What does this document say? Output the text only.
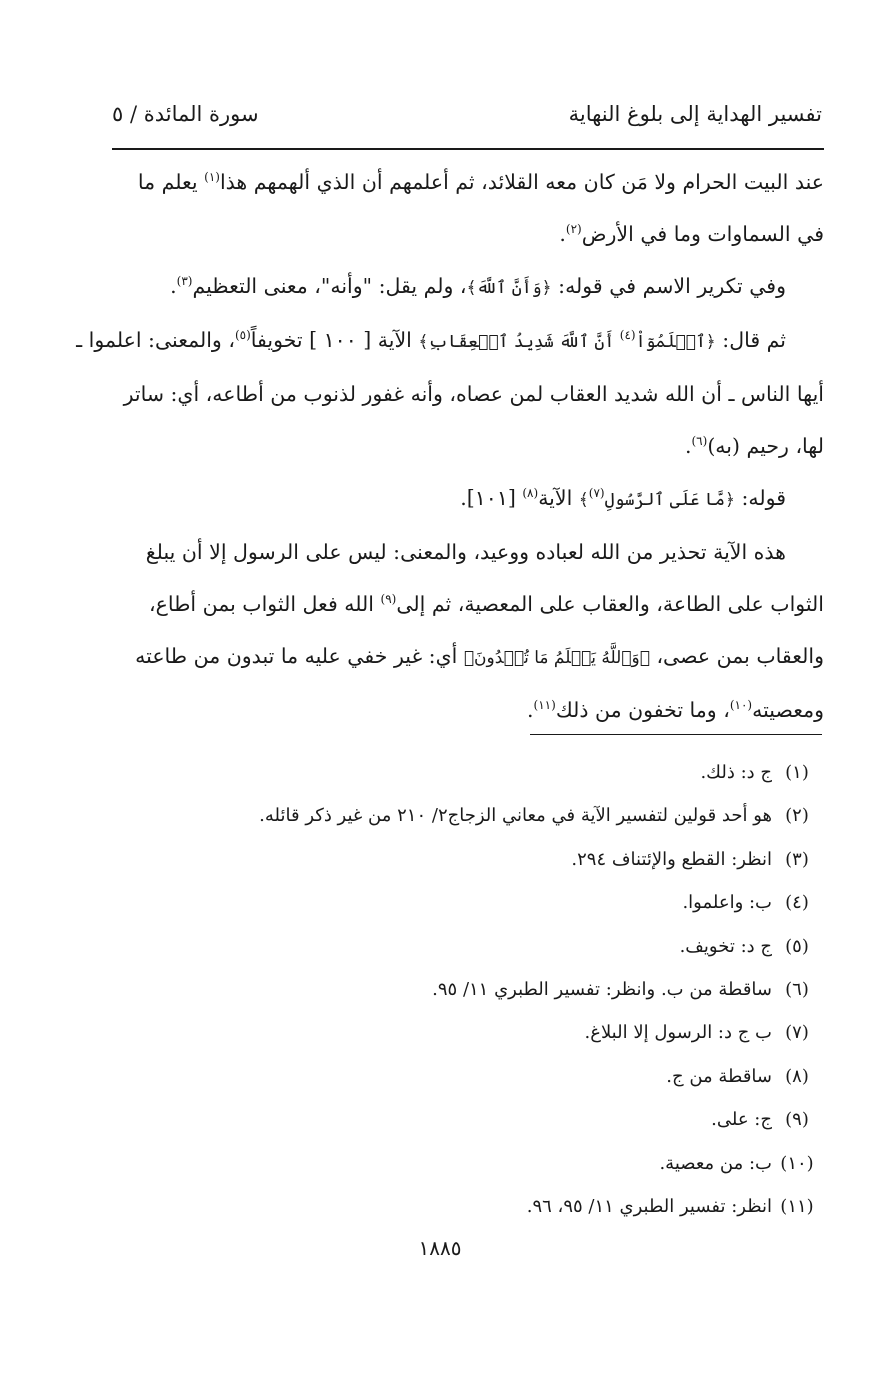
تفسير الهداية إلى بلوغ النهاية
سورة المائدة / ٥

عند البيت الحرام ولا مَن كان معه القلائد، ثم أعلمهم أن الذي ألهمهم هذا$^{(١)}$ يعلم ما
في السماوات وما في الأرض$^{(٢)}$.

وفي تكرير الاسم في قوله: ﴿وَأَنَّ ٱللَّهَ﴾، ولم يقل: "وأنه"، معنى التعظيم$^{(٣)}$.

ثم قال: ﴿ٱعۡلَمُوٓاْ$^{(٤)}$ أَنَّ ٱللَّهَ شَدِيدُ ٱلۡعِقَابِ﴾ الآية [ ١٠٠ ] تخويفاً$^{(٥)}$، والمعنى: اعلموا ـ

أيها الناس ـ أن الله شديد العقاب لمن عصاه، وأنه غفور لذنوب من أطاعه، أي: ساتر
لها، رحيم (به)$^{(٦)}$.

قوله: ﴿مَّا عَلَى ٱلرَّسُولِ$^{(٧)}$﴾ الآية$^{(٨)}$ [١٠١].

هذه الآية تحذير من الله لعباده ووعيد، والمعنى: ليس على الرسول إلا أن يبلغ

الثواب على الطاعة، والعقاب على المعصية، ثم إلى$^{(٩)}$ الله فعل الثواب بمن أطاع،
والعقاب بمن عصى، ﴿وَٱللَّهُ يَعۡلَمُ مَا تُبۡدُونَ﴾ أي: غير خفي عليه ما تبدون من طاعته
ومعصيته$^{(١٠)}$، وما تخفون من ذلك$^{(١١)}$.

(١)ج د: ذلك.
(٢)هو أحد قولين لتفسير الآية في معاني الزجاج٢/ ٢١٠ من غير ذكر قائله.
(٣)انظر: القطع والإئتناف ٢٩٤.
(٤)ب: واعلموا.
(٥)ج د: تخويف.
(٦)ساقطة من ب. وانظر: تفسير الطبري ١١/ ٩٥.
(٧)ب ج د: الرسول إلا البلاغ.
(٨)ساقطة من ج.
(٩)ج: على.
(١٠)ب: من معصية.
(١١)انظر: تفسير الطبري ١١/ ٩٥، ٩٦.
١٨٨٥
